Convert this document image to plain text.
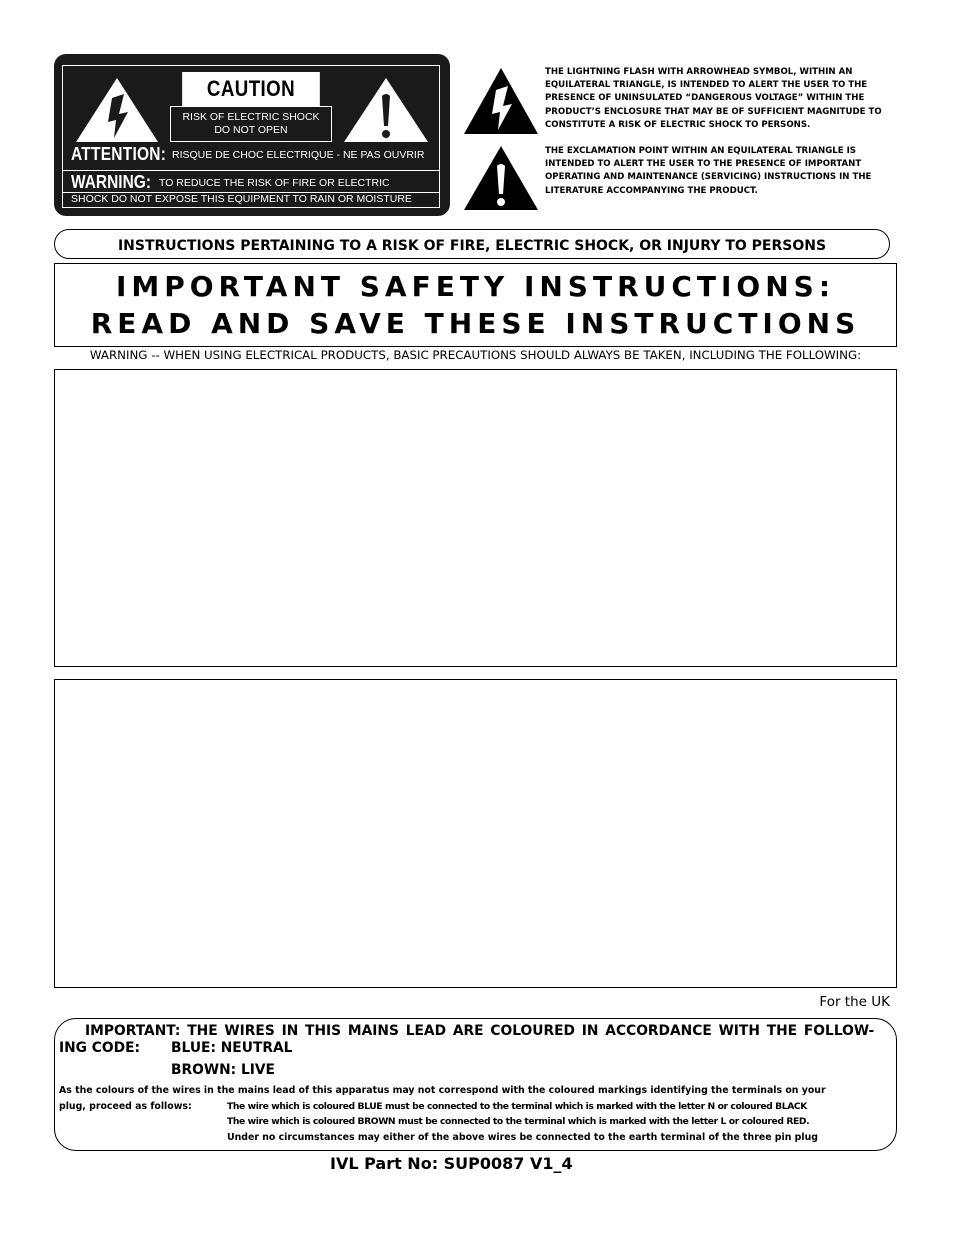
CAUTION
RISK OF ELECTRIC SHOCK
DO NOT OPEN
ATTENTION: RISQUE DE CHOC ELECTRIQUE - NE PAS OUVRIR
WARNING: TO REDUCE THE RISK OF FIRE OR ELECTRIC
SHOCK DO NOT EXPOSE THIS EQUIPMENT TO RAIN OR MOISTURE
THE LIGHTNING FLASH WITH ARROWHEAD SYMBOL, WITHIN AN EQUILATERAL TRIANGLE, IS INTENDED TO ALERT THE USER TO THE PRESENCE OF UNINSULATED “DANGEROUS VOLTAGE” WITHIN THE PRODUCT’S ENCLOSURE THAT MAY BE OF SUFFICIENT MAGNITUDE TO CONSTITUTE A RISK OF ELECTRIC SHOCK TO PERSONS.
THE EXCLAMATION POINT WITHIN AN EQUILATERAL TRIANGLE IS INTENDED TO ALERT THE USER TO THE PRESENCE OF IMPORTANT OPERATING AND MAINTENANCE (SERVICING) INSTRUCTIONS IN THE LITERATURE ACCOMPANYING THE PRODUCT.
INSTRUCTIONS PERTAINING TO A RISK OF FIRE, ELECTRIC SHOCK, OR INJURY TO PERSONS
IMPORTANT SAFETY INSTRUCTIONS:
READ AND SAVE THESE INSTRUCTIONS
WARNING -- WHEN USING ELECTRICAL PRODUCTS, BASIC PRECAUTIONS SHOULD ALWAYS BE TAKEN, INCLUDING THE FOLLOWING:
For the UK
IMPORTANT: THE WIRES IN THIS MAINS LEAD ARE COLOURED IN ACCORDANCE WITH THE FOLLOW-
ING CODE: BLUE: NEUTRAL
BROWN: LIVE
As the colours of the wires in the mains lead of this apparatus may not correspond with the coloured markings identifying the terminals on your
plug, proceed as follows:	The wire which is coloured BLUE must be connected to the terminal which is marked with the letter N or coloured BLACK
The wire which is coloured BROWN must be connected to the terminal which is marked with the letter L or coloured RED.
Under no circumstances may either of the above wires be connected to the earth terminal of the three pin plug
IVL Part No: SUP0087 V1_4
